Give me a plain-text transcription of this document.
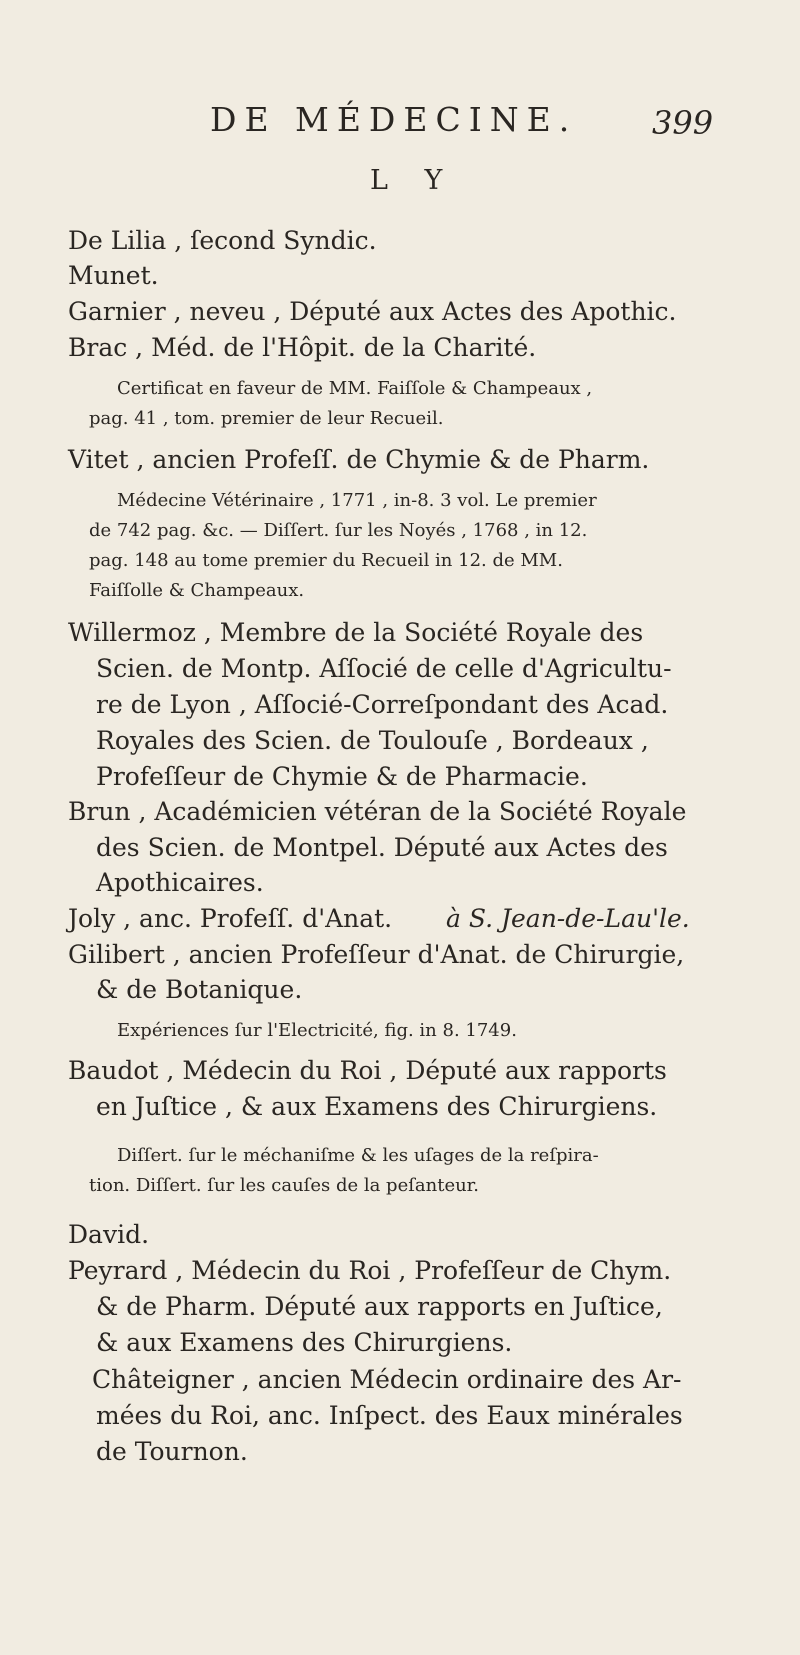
DE MÉDECINE. 399
L Y
De Lilia , ſecond Syndic.
Munet.
Garnier , neveu , Député aux Actes des Apothic.
Brac , Méd. de l'Hôpit. de la Charité.
Certificat en faveur de MM. Faiſſole & Champeaux ,
pag. 41 , tom. premier de leur Recueil.
Vitet , ancien Profeſſ. de Chymie & de Pharm.
Médecine Vétérinaire , 1771 , in-8. 3 vol. Le premier
de 742 pag. &c. — Diſſert. ſur les Noyés , 1768 , in 12.
pag. 148 au tome premier du Recueil in 12. de MM.
Faiſſolle & Champeaux.
Willermoz , Membre de la Société Royale des
Scien. de Montp. Aſſocié de celle d'Agricultu-
re de Lyon , Aſſocié-Correſpondant des Acad.
Royales des Scien. de Toulouſe , Bordeaux ,
Profeſſeur de Chymie & de Pharmacie.
Brun , Académicien vétéran de la Société Royale
des Scien. de Montpel. Député aux Actes des
Apothicaires.
Joly , anc. Profeſſ. d'Anat. à S. Jean-de-Lau'le.
Gilibert , ancien Profeſſeur d'Anat. de Chirurgie,
& de Botanique.
Expériences ſur l'Electricité, fig. in 8. 1749.
Baudot , Médecin du Roi , Député aux rapports
en Juſtice , & aux Examens des Chirurgiens.
Diſſert. ſur le méchaniſme & les uſages de la reſpira-
tion. Diſſert. ſur les cauſes de la peſanteur.
David.
Peyrard , Médecin du Roi , Profeſſeur de Chym.
& de Pharm. Député aux rapports en Juſtice,
& aux Examens des Chirurgiens.
Châteigner , ancien Médecin ordinaire des Ar-
mées du Roi, anc. Inſpect. des Eaux minérales
de Tournon.
